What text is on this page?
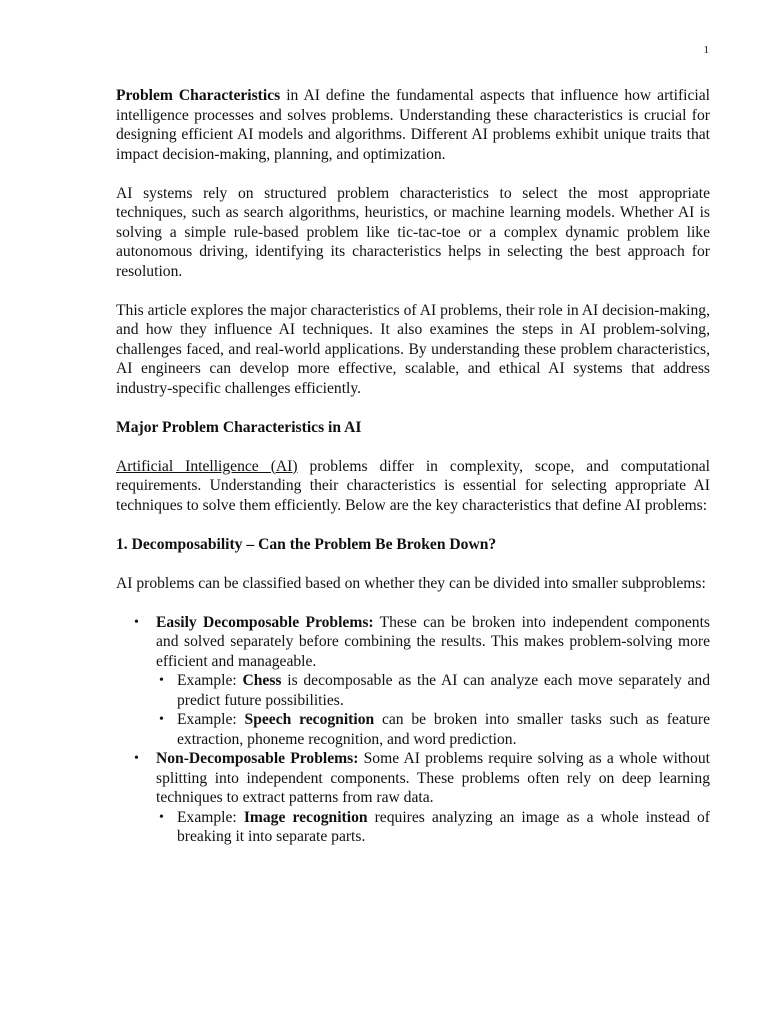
1

Problem Characteristics in AI define the fundamental aspects that influence how artificial intelligence processes and solves problems. Understanding these characteristics is crucial for designing efficient AI models and algorithms. Different AI problems exhibit unique traits that impact decision-making, planning, and optimization.

AI systems rely on structured problem characteristics to select the most appropriate techniques, such as search algorithms, heuristics, or machine learning models. Whether AI is solving a simple rule-based problem like tic-tac-toe or a complex dynamic problem like autonomous driving, identifying its characteristics helps in selecting the best approach for resolution.

This article explores the major characteristics of AI problems, their role in AI decision-making, and how they influence AI techniques. It also examines the steps in AI problem-solving, challenges faced, and real-world applications. By understanding these problem characteristics, AI engineers can develop more effective, scalable, and ethical AI systems that address industry-specific challenges efficiently.

Major Problem Characteristics in AI

Artificial Intelligence (AI) problems differ in complexity, scope, and computational requirements. Understanding their characteristics is essential for selecting appropriate AI techniques to solve them efficiently. Below are the key characteristics that define AI problems:

1. Decomposability – Can the Problem Be Broken Down?

AI problems can be classified based on whether they can be divided into smaller subproblems:

• Easily Decomposable Problems: These can be broken into independent components and solved separately before combining the results. This makes problem-solving more efficient and manageable.
• Example: Chess is decomposable as the AI can analyze each move separately and predict future possibilities.
• Example: Speech recognition can be broken into smaller tasks such as feature extraction, phoneme recognition, and word prediction.
• Non-Decomposable Problems: Some AI problems require solving as a whole without splitting into independent components. These problems often rely on deep learning techniques to extract patterns from raw data.
• Example: Image recognition requires analyzing an image as a whole instead of breaking it into separate parts.
